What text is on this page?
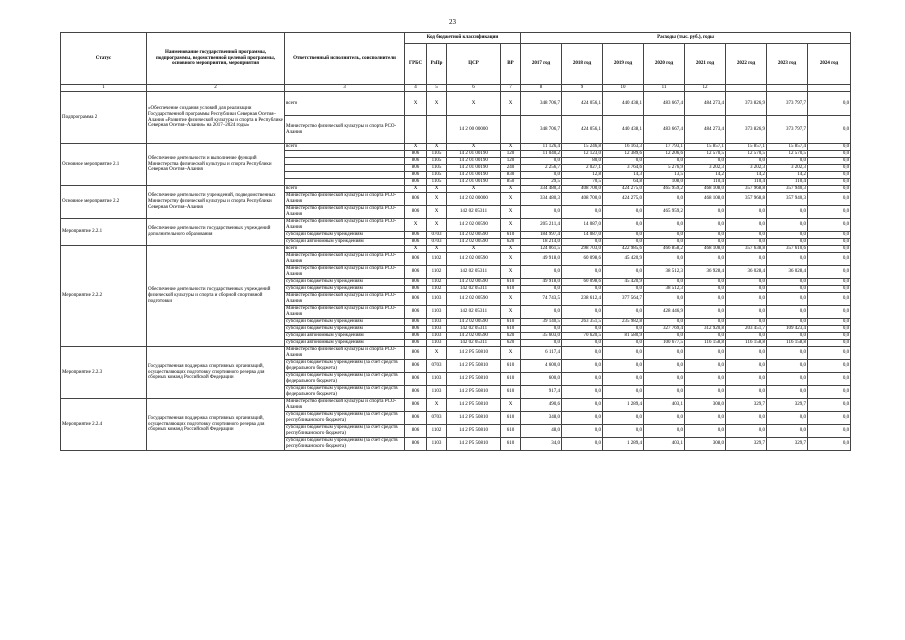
23
Статус	Наименование государственной программы, подпрограммы, ведомственной целевой программы, основного мероприятия, мероприятия	Ответственный исполнитель, соисполнители	Код бюджетной классификации				Расходы (тыс. руб.), годы							
			ГРБС	РзПр	ЦСР	ВР	2017 год	2018 год	2019 год	2020 год	2021 год	2022 год	2023 год	2024 год
1	2	3	4	5	6	7	8	9	10	11	12			
Подпрограмма 2	«Обеспечение создания условий для реализации Государственной программы Республики Северная Осетия–Алания «Развитие физической культуры и спорта в Республике Северная Осетия–Алания» на 2017–2024 годы»	всего	X	X	X	X	348 706,7	424 056,1	440 438,1	483 667,4	484 273,4	373 826,9	373 797,7	0,0
		Министерство физической культуры и спорта РСО-Алания			14 2 00 00000		348 706,7	424 056,1	440 438,1	483 667,4	484 273,4	373 826,9	373 797,7	0,0
Основное мероприятие 2.1	Обеспечение деятельности и выполнение функций Министерства физической культуры и спорта Республики Северная Осетия–Алания	всего	X	X	X	X	11 126,4	15 246,8	16 163,3	17 793,1	15 857,1	15 857,1	15 857,4	0,0
			806	1105	14 2 01 00190	120	11 040,2	12 123,0	12 389,6	12 206,6	12 570,5	12 570,5	12 570,5	0,0
			806	1105	14 2 01 00190	120	0,0	80,0	0,0	0,0	0,0	0,0	0,0	0,0
			806	1105	14 2 01 00190	240	2 256,7	2 027,1	3 764,6	5 276,9	3 202,3	3 202,3	3 202,3	0,0
			806	1105	14 2 01 00190	830	0,0	12,8	14,3	13,5	14,2	14,2	14,2	0,0
			806	1105	14 2 01 00190	850	29,5	70,5	64,8	108,0	110,4	110,4	110,4	0,0
Основное мероприятие 2.2	Обеспечение деятельности учреждений, подведомственных Министерству физической культуры и спорта Республики Северная Осетия–Алания	всего	X	X	X	X	334 480,3	408 700,0	424 275,0	465 959,2	468 108,0	357 968,8	357 940,3	0,0
		Министерство физической культуры и спорта РСО-Алания	806	X	14 2 02 00000	X	334 480,3	408 700,0	424 275,0	0,0	468 108,0	357 968,8	357 940,3	0,0
		Министерство физической культуры и спорта РСО-Алания	806	X	142 02 05311	X	0,0	0,0	0,0	465 959,2	0,0	0,0	0,0	0,0
Мероприятие 2.2.1	Обеспечение деятельности государственных учреждений дополнительного образования	Министерство физической культуры и спорта РСО-Алания	X	X	14 2 02 00590	X	205 211,4	14 087,0	0,0	0,0	0,0	0,0	0,0	0,0
		субсидии бюджетным учреждениям	806	0703	14 2 02 00590	610	184 997,4	14 087,0	0,0	0,0	0,0	0,0	0,0	0,0
		субсидии автономным учреждениям	806	0703	14 2 02 00590	620	18 214,0	0,0	0,0	0,0	0,0	0,0	0,0	0,0
Мероприятие 2.2.2	Обеспечение деятельности государственных учреждений физической культуры и спорта и сборной спортивной подготовки	всего	X	X	X	X	124 061,5	298 703,0	422 985,6	466 858,2	468 108,0	357 638,8	357 610,6	0,0
		Министерство физической культуры и спорта РСО-Алания	806	1102	14 2 02 00590	X	49 918,0	60 098,6	45 420,9	0,0	0,0	0,0	0,0	0,0
		Министерство физической культуры и спорта РСО-Алания	806	1102	142 02 05311	X	0,0	0,0	0,0	38 512,3	36 928,4	36 028,4	36 028,4	0,0
		субсидии бюджетным учреждениям	806	1102	14 2 02 00590	610	49 918,0	60 098,6	45 420,9	0,0	0,0	0,0	0,0	0,0
		субсидии бюджетным учреждениям	806	1102	142 02 05311	610	0,0	0,0	0,0	38 512,3	0,0	0,0	0,0	0,0
		Министерство физической культуры и спорта РСО-Алания	806	1103	14 2 02 00590	X	74 743,5	238 612,4	377 564,7	0,0	0,0	0,0	0,0	0,0
		Министерство физической культуры и спорта РСО-Алания	806	1103	142 02 05311	X	0,0	0,0	0,0	428 446,9	0,0	0,0	0,0	0,0
		субсидии бюджетным учреждениям	806	1103	14 2 02 00590	610	39 140,5	263 351,5	235 982,8	0,0	0,0	0,0	0,0	0,0
		субсидии бюджетным учреждениям	806	1103	142 02 05311	610	0,0	0,0	0,0	327 769,4	312 920,8	203 451,7	109 423,4	0,0
		субсидии автономным учреждениям	806	1103	14 2 02 00590	620	35 603,0	70 620,5	81 580,9	0,0	0,0	0,0	0,0	0,0
		субсидии автономным учреждениям	806	1103	142 02 05311	620	0,0	0,0	0,0	100 677,5	116 158,8	116 158,8	116 158,8	0,0
Мероприятие 2.2.3	Государственная поддержка спортивных организаций, осуществляющих подготовку спортивного резерва для сборных команд Российской Федерации	Министерство физической культуры и спорта РСО-Алания	806	X	14 2 P5 50810	X	6 117,4	0,0	0,0	0,0	0,0	0,0	0,0	0,0
		субсидии бюджетным учреждениям (за счет средств федерального бюджета)	806	0703	14 2 P5 50810	610	4 600,0	0,0	0,0	0,0	0,0	0,0	0,0	0,0
		субсидии бюджетным учреждениям (за счет средств федерального бюджета)	806	1103	14 2 P5 50810	610	600,0	0,0	0,0	0,0	0,0	0,0	0,0	0,0
		субсидии бюджетным учреждениям (за счет средств федерального бюджета)	806	1103	14 2 P5 50810	610	917,4	0,0	0,0	0,0	0,0	0,0	0,0	0,0
Мероприятие 2.2.4	Государственная поддержка спортивных организаций, осуществляющих подготовку спортивного резерва для сборных команд Российской Федерации	Министерство физической культуры и спорта РСО-Алания	806	X	14 2 P5 50810	X	490,6	0,0	1 289,4	403,1	308,0	329,7	329,7	0,0
		субсидии бюджетным учреждениям (за счет средств республиканского бюджета)	806	0703	14 2 P5 50810	610	348,0	0,0	0,0	0,0	0,0	0,0	0,0	0,0
		субсидии бюджетным учреждениям (за счет средств республиканского бюджета)	806	1102	14 2 P5 50810	610	48,0	0,0	0,0	0,0	0,0	0,0	0,0	0,0
		субсидии бюджетным учреждениям (за счет средств республиканского бюджета)	806	1103	14 2 P5 50810	610	34,0	0,0	1 289,4	403,1	308,0	329,7	329,7	0,0
